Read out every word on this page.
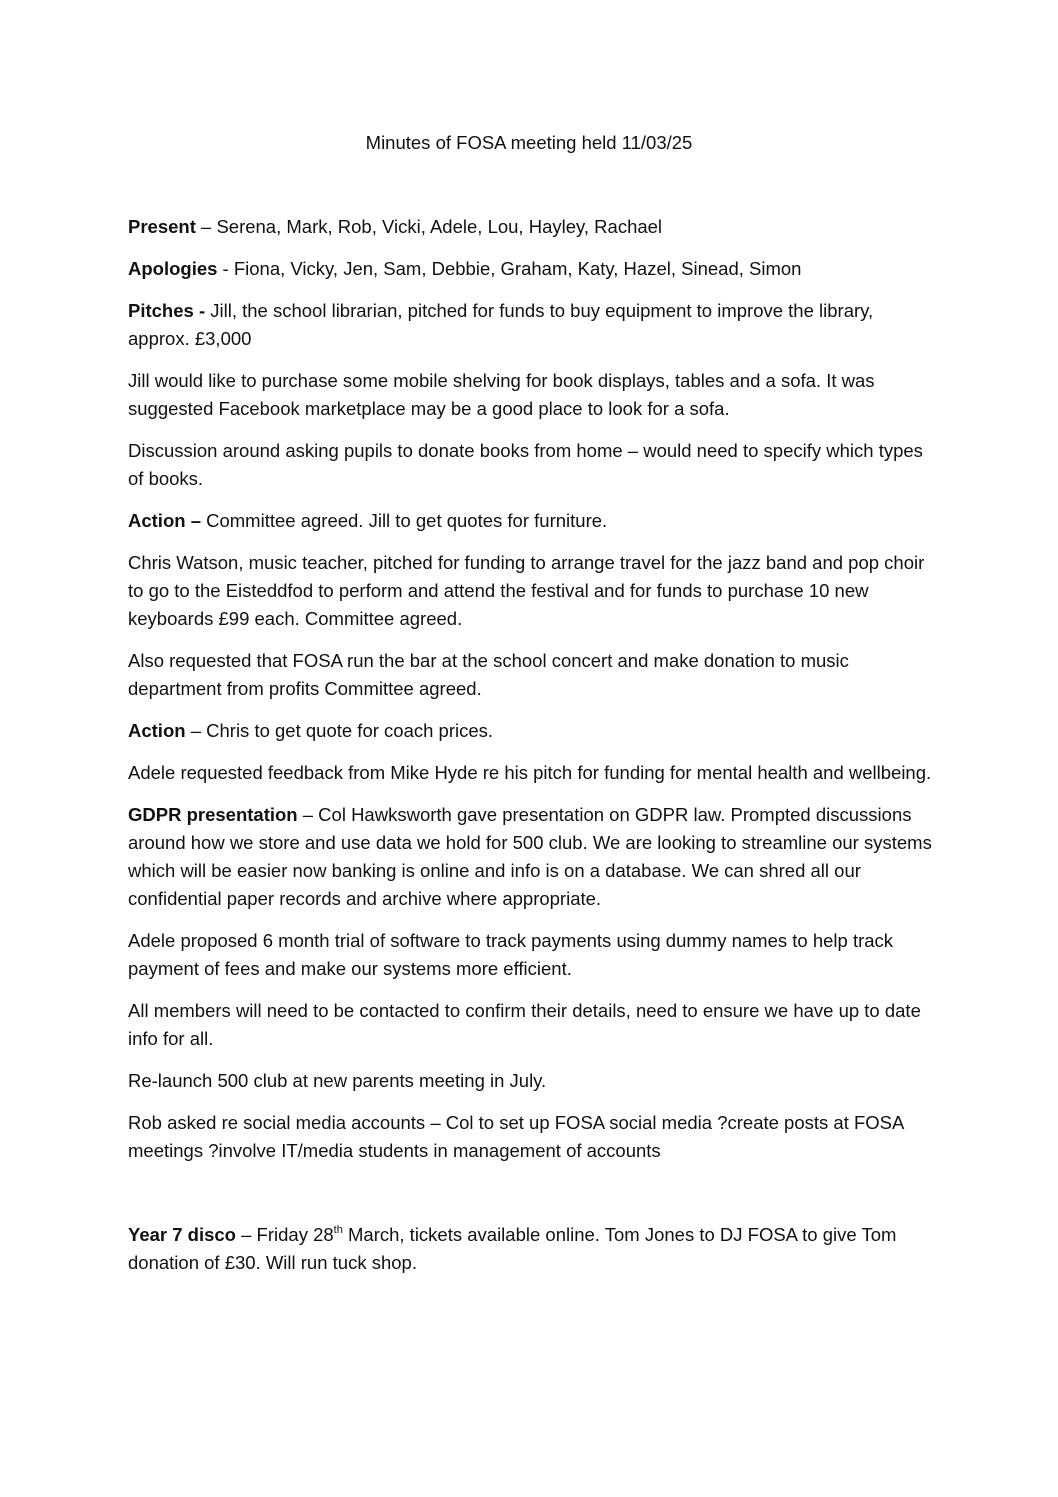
Minutes of FOSA meeting held 11/03/25

Present – Serena, Mark, Rob, Vicki, Adele, Lou, Hayley, Rachael

Apologies - Fiona, Vicky, Jen, Sam, Debbie, Graham, Katy, Hazel, Sinead, Simon

Pitches - Jill, the school librarian, pitched for funds to buy equipment to improve the library, approx. £3,000

Jill would like to purchase some mobile shelving for book displays, tables and a sofa. It was suggested Facebook marketplace may be a good place to look for a sofa.

Discussion around asking pupils to donate books from home – would need to specify which types of books.

Action – Committee agreed. Jill to get quotes for furniture.

Chris Watson, music teacher, pitched for funding to arrange travel for the jazz band and pop choir to go to the Eisteddfod to perform and attend the festival and for funds to purchase 10 new keyboards £99 each. Committee agreed.

Also requested that FOSA run the bar at the school concert and make donation to music department from profits Committee agreed.

Action – Chris to get quote for coach prices.

Adele requested feedback from Mike Hyde re his pitch for funding for mental health and wellbeing.

GDPR presentation – Col Hawksworth gave presentation on GDPR law. Prompted discussions around how we store and use data we hold for 500 club. We are looking to streamline our systems which will be easier now banking is online and info is on a database. We can shred all our confidential paper records and archive where appropriate.

Adele proposed 6 month trial of software to track payments using dummy names to help track payment of fees and make our systems more efficient.

All members will need to be contacted to confirm their details, need to ensure we have up to date info for all.

Re-launch 500 club at new parents meeting in July.

Rob asked re social media accounts – Col to set up FOSA social media ?create posts at FOSA meetings ?involve IT/media students in management of accounts

Year 7 disco – Friday 28th March, tickets available online. Tom Jones to DJ FOSA to give Tom donation of £30. Will run tuck shop.
